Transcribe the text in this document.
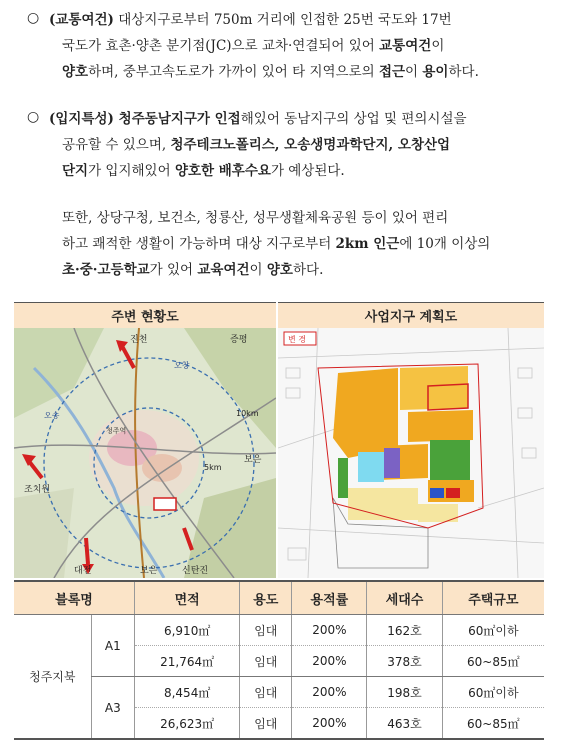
○ (교통여건) 대상지구로부터 750m 거리에 인접한 25번 국도와 17번
국도가 효촌·양촌 분기점(JC)으로 교차·연결되어 있어 교통여건이
양호하며, 중부고속도로가 가까이 있어 타 지역으로의 접근이 용이하다.
○ (입지특성) 청주동남지구가 인접해있어 동남지구의 상업 및 편의시설을
공유할 수 있으며, 청주테크노폴리스, 오송생명과학단지, 오창산업
단지가 입지해있어 양호한 배후수요가 예상된다.
또한, 상당구청, 보건소, 청룡산, 성무생활체육공원 등이 있어 편리
하고 쾌적한 생활이 가능하며 대상 지구로부터 2km 인근에 10개 이상의
초·중·고등학교가 있어 교육여건이 양호하다.
주변 현황도	사업지구 계획도
진천	증평
오창
오송
조치원
청주역
보은
10km
5km
대전	보은	신탄진
변 경
블록명		면적	용도	용적률	세대수	주택규모
청주지북	A1	6,910㎡	임대	200%	162호	60㎡이하
		21,764㎡	임대	200%	378호	60~85㎡
	A3	8,454㎡	임대	200%	198호	60㎡이하
		26,623㎡	임대	200%	463호	60~85㎡
